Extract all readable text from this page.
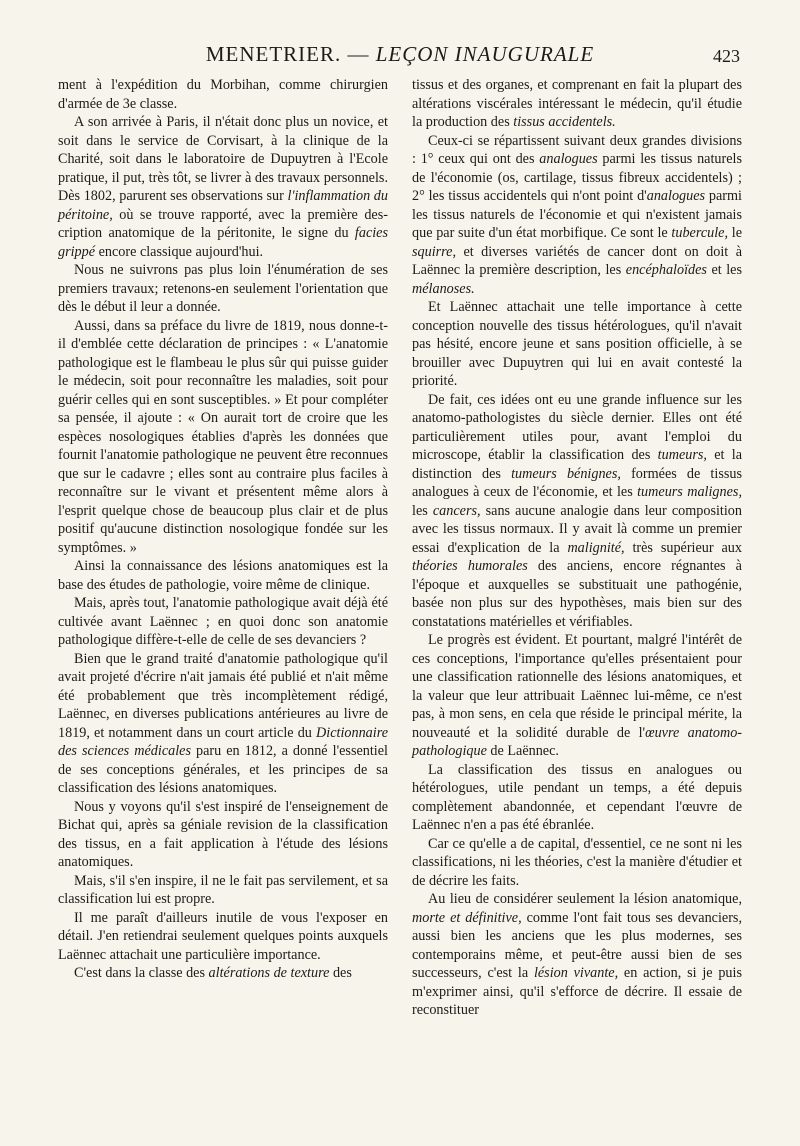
MENETRIER. — LEÇON INAUGURALE	423

ment à l'expédition du Morbihan, comme chirurgien d'armée de 3e classe.

A son arrivée à Paris, il n'était donc plus un novice, et soit dans le service de Corvisart, à la clinique de la Charité, soit dans le laboratoire de Dupuytren à l'Ecole pratique, il put, très tôt, se livrer à des travaux personnels. Dès 1802, parurent ses observations sur l'inflammation du péritoine, où se trouve rapporté, avec la première description anatomique de la péritonite, le signe du facies grippé encore classique aujourd'hui.

Nous ne suivrons pas plus loin l'énumération de ses premiers travaux; retenons-en seulement l'orientation que dès le début il leur a donnée.

Aussi, dans sa préface du livre de 1819, nous donne-t-il d'emblée cette déclaration de principes : « L'anatomie pathologique est le flambeau le plus sûr qui puisse guider le médecin, soit pour reconnaître les maladies, soit pour guérir celles qui en sont susceptibles. » Et pour compléter sa pensée, il ajoute : « On aurait tort de croire que les espèces nosologiques établies d'après les données que fournit l'anatomie pathologique ne peuvent être reconnues que sur le cadavre ; elles sont au contraire plus faciles à reconnaître sur le vivant et présentent même alors à l'esprit quelque chose de beaucoup plus clair et de plus positif qu'aucune distinction nosologique fondée sur les symptômes. »

Ainsi la connaissance des lésions anatomiques est la base des études de pathologie, voire même de clinique.

Mais, après tout, l'anatomie pathologique avait déjà été cultivée avant Laënnec ; en quoi donc son anatomie pathologique diffère-t-elle de celle de ses devanciers ?

Bien que le grand traité d'anatomie pathologique qu'il avait projeté d'écrire n'ait jamais été publié et n'ait même été probablement que très incomplètement rédigé, Laënnec, en diverses publications antérieures au livre de 1819, et notamment dans un court article du Dictionnaire des sciences médicales paru en 1812, a donné l'essentiel de ses conceptions générales, et les principes de sa classification des lésions anatomiques.

Nous y voyons qu'il s'est inspiré de l'enseignement de Bichat qui, après sa géniale revision de la classification des tissus, en a fait application à l'étude des lésions anatomiques.

Mais, s'il s'en inspire, il ne le fait pas servilement, et sa classification lui est propre.

Il me paraît d'ailleurs inutile de vous l'exposer en détail. J'en retiendrai seulement quelques points auxquels Laënnec attachait une particulière importance.

C'est dans la classe des altérations de texture des

tissus et des organes, et comprenant en fait la plupart des altérations viscérales intéressant le médecin, qu'il étudie la production des tissus accidentels.

Ceux-ci se répartissent suivant deux grandes divisions : 1° ceux qui ont des analogues parmi les tissus naturels de l'économie (os, cartilage, tissus fibreux accidentels) ; 2° les tissus accidentels qui n'ont point d'analogues parmi les tissus naturels de l'économie et qui n'existent jamais que par suite d'un état morbifique. Ce sont le tubercule, le squirre, et diverses variétés de cancer dont on doit à Laënnec la première description, les encéphaloïdes et les mélanoses.

Et Laënnec attachait une telle importance à cette conception nouvelle des tissus hétérologues, qu'il n'avait pas hésité, encore jeune et sans position officielle, à se brouiller avec Dupuytren qui lui en avait contesté la priorité.

De fait, ces idées ont eu une grande influence sur les anatomo-pathologistes du siècle dernier. Elles ont été particulièrement utiles pour, avant l'emploi du microscope, établir la classification des tumeurs, et la distinction des tumeurs bénignes, formées de tissus analogues à ceux de l'économie, et les tumeurs malignes, les cancers, sans aucune analogie dans leur composition avec les tissus normaux. Il y avait là comme un premier essai d'explication de la malignité, très supérieur aux théories humorales des anciens, encore régnantes à l'époque et auxquelles se substituait une pathogénie, basée non plus sur des hypothèses, mais bien sur des constatations matérielles et vérifiables.

Le progrès est évident. Et pourtant, malgré l'intérêt de ces conceptions, l'importance qu'elles présentaient pour une classification rationnelle des lésions anatomiques, et la valeur que leur attribuait Laënnec lui-même, ce n'est pas, à mon sens, en cela que réside le principal mérite, la nouveauté et la solidité durable de l'œuvre anatomo-pathologique de Laënnec.

La classification des tissus en analogues ou hétérologues, utile pendant un temps, a été depuis complètement abandonnée, et cependant l'œuvre de Laënnec n'en a pas été ébranlée.

Car ce qu'elle a de capital, d'essentiel, ce ne sont ni les classifications, ni les théories, c'est la manière d'étudier et de décrire les faits.

Au lieu de considérer seulement la lésion anatomique, morte et définitive, comme l'ont fait tous ses devanciers, aussi bien les anciens que les plus modernes, ses contemporains même, et peut-être aussi bien de ses successeurs, c'est la lésion vivante, en action, si je puis m'exprimer ainsi, qu'il s'efforce de décrire. Il essaie de reconstituer
